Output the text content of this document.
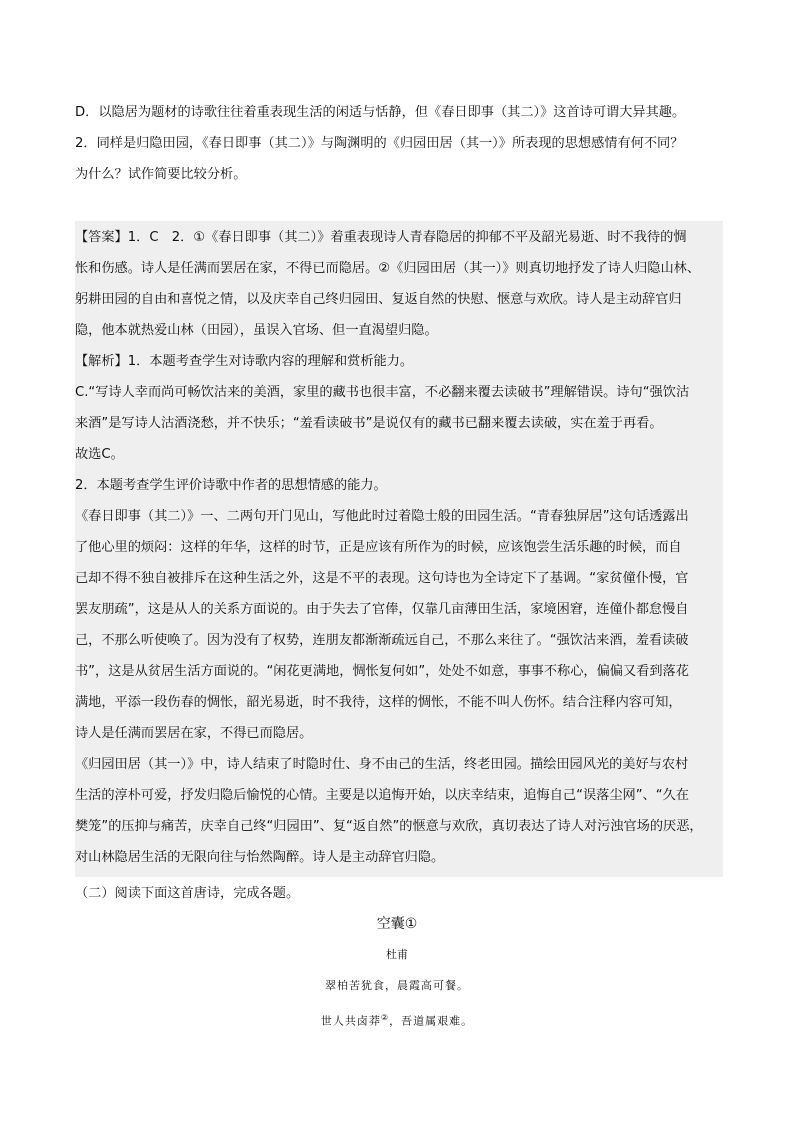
D．以隐居为题材的诗歌往往着重表现生活的闲适与恬静，但《春日即事（其二）》这首诗可谓大异其趣。

2．同样是归隐田园，《春日即事（其二）》与陶渊明的《归园田居（其一）》所表现的思想感情有何不同？

为什么？试作简要比较分析。

【答案】1．C　2．①《春日即事（其二）》着重表现诗人青春隐居的抑郁不平及韶光易逝、时不我待的惆

怅和伤感。诗人是任满而罢居在家，不得已而隐居。②《归园田居（其一）》则真切地抒发了诗人归隐山林、

躬耕田园的自由和喜悦之情，以及庆幸自己终归园田、复返自然的快慰、惬意与欢欣。诗人是主动辞官归

隐，他本就热爱山林（田园），虽误入官场、但一直渴望归隐。

【解析】1．本题考查学生对诗歌内容的理解和赏析能力。

C.“写诗人幸而尚可畅饮沽来的美酒，家里的藏书也很丰富，不必翻来覆去读破书”理解错误。诗句“强饮沽

来酒”是写诗人沽酒浇愁，并不快乐；“羞看读破书”是说仅有的藏书已翻来覆去读破，实在羞于再看。

故选C。

2．本题考查学生评价诗歌中作者的思想情感的能力。

《春日即事（其二）》一、二两句开门见山，写他此时过着隐士般的田园生活。“青春独屏居”这句话透露出

了他心里的烦闷：这样的年华，这样的时节，正是应该有所作为的时候，应该饱尝生活乐趣的时候，而自

己却不得不独自被排斥在这种生活之外，这是不平的表现。这句诗也为全诗定下了基调。“家贫僮仆慢，官

罢友朋疏”，这是从人的关系方面说的。由于失去了官俸，仅靠几亩薄田生活，家境困窘，连僮仆都怠慢自

己，不那么听使唤了。因为没有了权势，连朋友都渐渐疏远自己，不那么来往了。“强饮沽来酒，羞看读破

书”，这是从贫居生活方面说的。“闲花更满地，惆怅复何如”，处处不如意，事事不称心，偏偏又看到落花

满地，平添一段伤春的惆怅，韶光易逝，时不我待，这样的惆怅，不能不叫人伤怀。结合注释内容可知，

诗人是任满而罢居在家，不得已而隐居。

《归园田居（其一）》中，诗人结束了时隐时仕、身不由己的生活，终老田园。描绘田园风光的美好与农村

生活的淳朴可爱，抒发归隐后愉悦的心情。主要是以追悔开始，以庆幸结束，追悔自己“误落尘网”、“久在

樊笼”的压抑与痛苦，庆幸自己终“归园田”、复“返自然”的惬意与欢欣，真切表达了诗人对污浊官场的厌恶，

对山林隐居生活的无限向往与怡然陶醉。诗人是主动辞官归隐。

（二）阅读下面这首唐诗，完成各题。

空囊①

杜甫

翠柏苦犹食，晨霞高可餐。

世人共卤莽②，吾道属艰难。
